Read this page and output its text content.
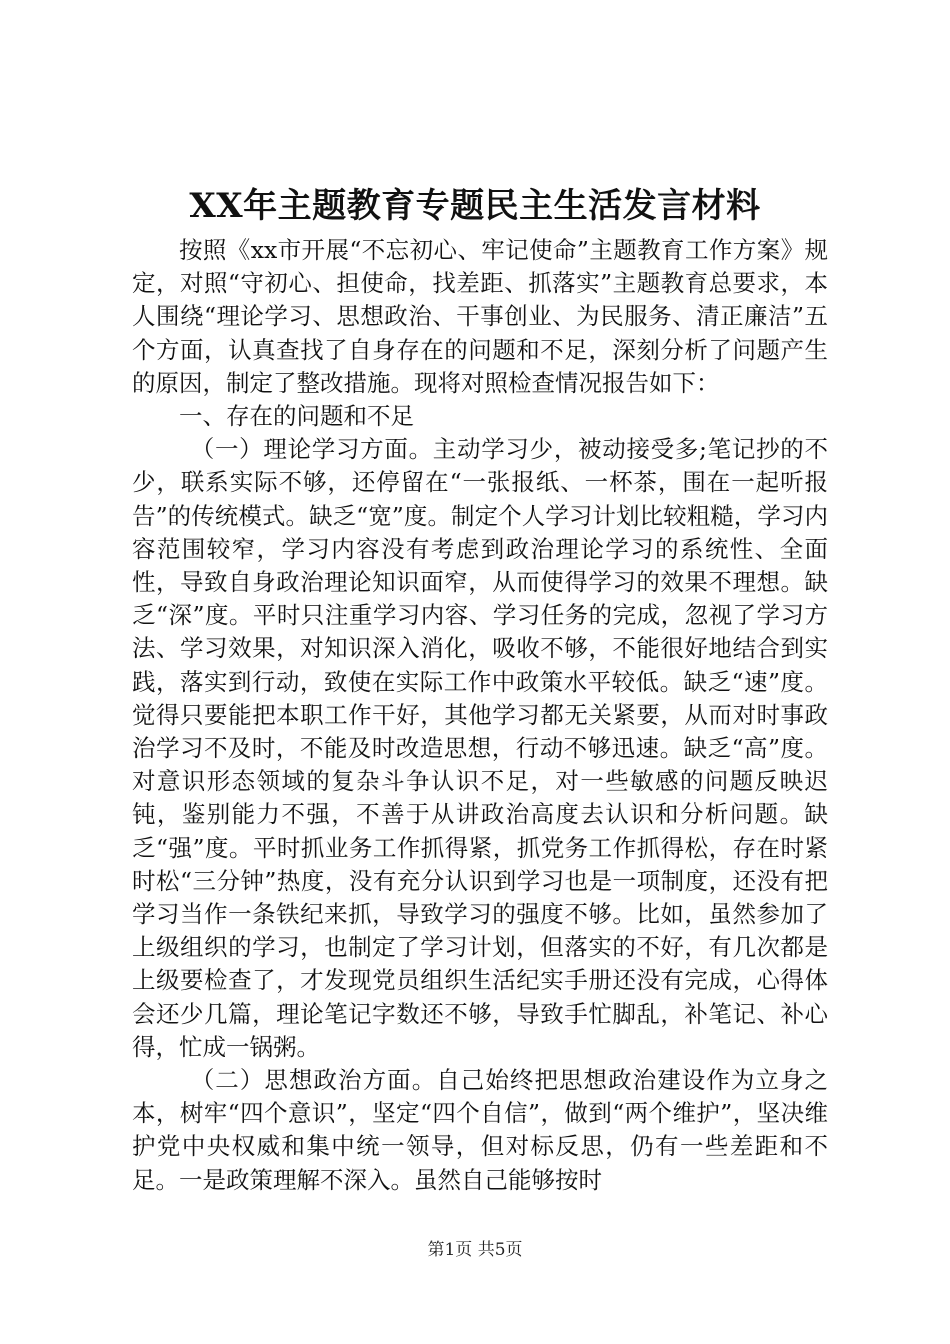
XX年主题教育专题民主生活发言材料

按照《xx市开展“不忘初心、牢记使命”主题教育工作方案》规定，对照“守初心、担使命，找差距、抓落实”主题教育总要求，本人围绕“理论学习、思想政治、干事创业、为民服务、清正廉洁”五个方面，认真查找了自身存在的问题和不足，深刻分析了问题产生的原因，制定了整改措施。现将对照检查情况报告如下：

一、存在的问题和不足

（一）理论学习方面。主动学习少，被动接受多;笔记抄的不少，联系实际不够，还停留在“一张报纸、一杯茶，围在一起听报告”的传统模式。缺乏“宽”度。制定个人学习计划比较粗糙，学习内容范围较窄，学习内容没有考虑到政治理论学习的系统性、全面性，导致自身政治理论知识面窄，从而使得学习的效果不理想。缺乏“深”度。平时只注重学习内容、学习任务的完成，忽视了学习方法、学习效果，对知识深入消化，吸收不够，不能很好地结合到实践，落实到行动，致使在实际工作中政策水平较低。缺乏“速”度。觉得只要能把本职工作干好，其他学习都无关紧要，从而对时事政治学习不及时，不能及时改造思想，行动不够迅速。缺乏“高”度。对意识形态领域的复杂斗争认识不足，对一些敏感的问题反映迟钝，鉴别能力不强，不善于从讲政治高度去认识和分析问题。缺乏“强”度。平时抓业务工作抓得紧，抓党务工作抓得松，存在时紧时松“三分钟”热度，没有充分认识到学习也是一项制度，还没有把学习当作一条铁纪来抓，导致学习的强度不够。比如，虽然参加了上级组织的学习，也制定了学习计划，但落实的不好，有几次都是上级要检查了，才发现党员组织生活纪实手册还没有完成，心得体会还少几篇，理论笔记字数还不够，导致手忙脚乱，补笔记、补心得，忙成一锅粥。

（二）思想政治方面。自己始终把思想政治建设作为立身之本，树牢“四个意识”，坚定“四个自信”，做到“两个维护”，坚决维护党中央权威和集中统一领导，但对标反思，仍有一些差距和不足。一是政策理解不深入。虽然自己能够按时

第1页 共5页
